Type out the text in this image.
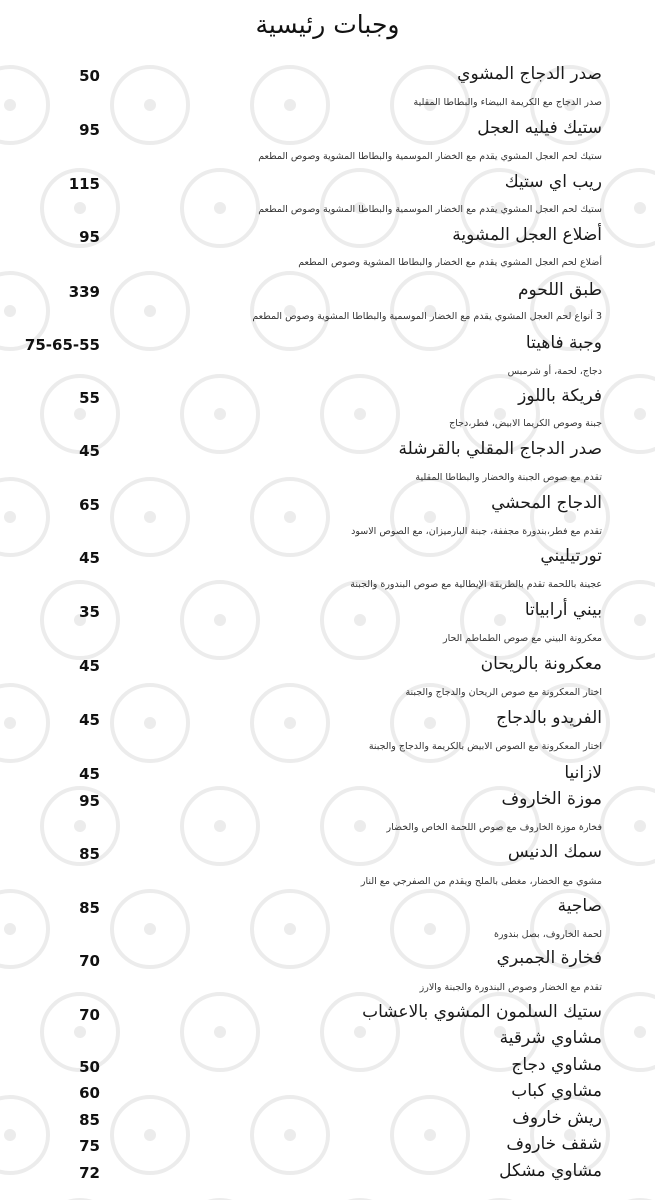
وجبات رئيسية
صدر الدجاج المشوي
صدر الدجاج مع الكريمة البيضاء والبطاطا المقلية
50
ستيك فيليه العجل
ستيك لحم العجل المشوي يقدم مع الخضار الموسمية والبطاطا المشوية وصوص المطعم
95
ريب اي ستيك
ستيك لحم العجل المشوي يقدم مع الخضار الموسمية والبطاطا المشوية وصوص المطعم
115
أضلاع العجل المشوية
أضلاع لحم العجل المشوي يقدم مع الخضار والبطاطا المشوية وصوص المطعم
95
طبق اللحوم
3 أنواع لحم العجل المشوي يقدم مع الخضار الموسمية والبطاطا المشوية وصوص المطعم
339
وجبة فاهيتا
دجاج، لحمة، أو شرمبس
75-65-55
فريكة باللوز
جبنة وصوص الكريما الابيض، فطر،دجاج
55
صدر الدجاج المقلي بالقرشلة
تقدم مع صوص الجبنة والخضار والبطاطا المقلية
45
الدجاج المحشي
تقدم مع فطر،بندورة مجففة، جبنة البارميزان، مع الصوص الاسود
65
تورتيليني
عجينة باللحمة تقدم بالطريقة الإيطالية مع صوص البندورة والجبنة
45
بيني أرابياتا
معكرونة البيني مع صوص الطماطم الحار
35
معكرونة بالريحان
اختار المعكرونة مع صوص الريحان والدجاج والجبنة
45
الفريدو بالدجاج
اختار المعكرونة مع الصوص الابيض بالكريمة والدجاج والجبنة
45
لازانيا
45
موزة الخاروف
فخارة موزة الخاروف مع صوص اللحمة الخاص والخضار
95
سمك الدنيس
مشوي مع الخضار، مغطى بالملح ويقدم من الصفرجي مع النار
85
صاجية
لحمة الخاروف، بصل بندورة
85
فخارة الجمبري
تقدم مع الخضار وصوص البندورة والجبنة والارز
70
ستيك السلمون المشوي بالاعشاب
70
مشاوي شرقية
مشاوي دجاج
50
مشاوي كباب
60
ريش خاروف
85
شقف خاروف
75
مشاوي مشكل
72
